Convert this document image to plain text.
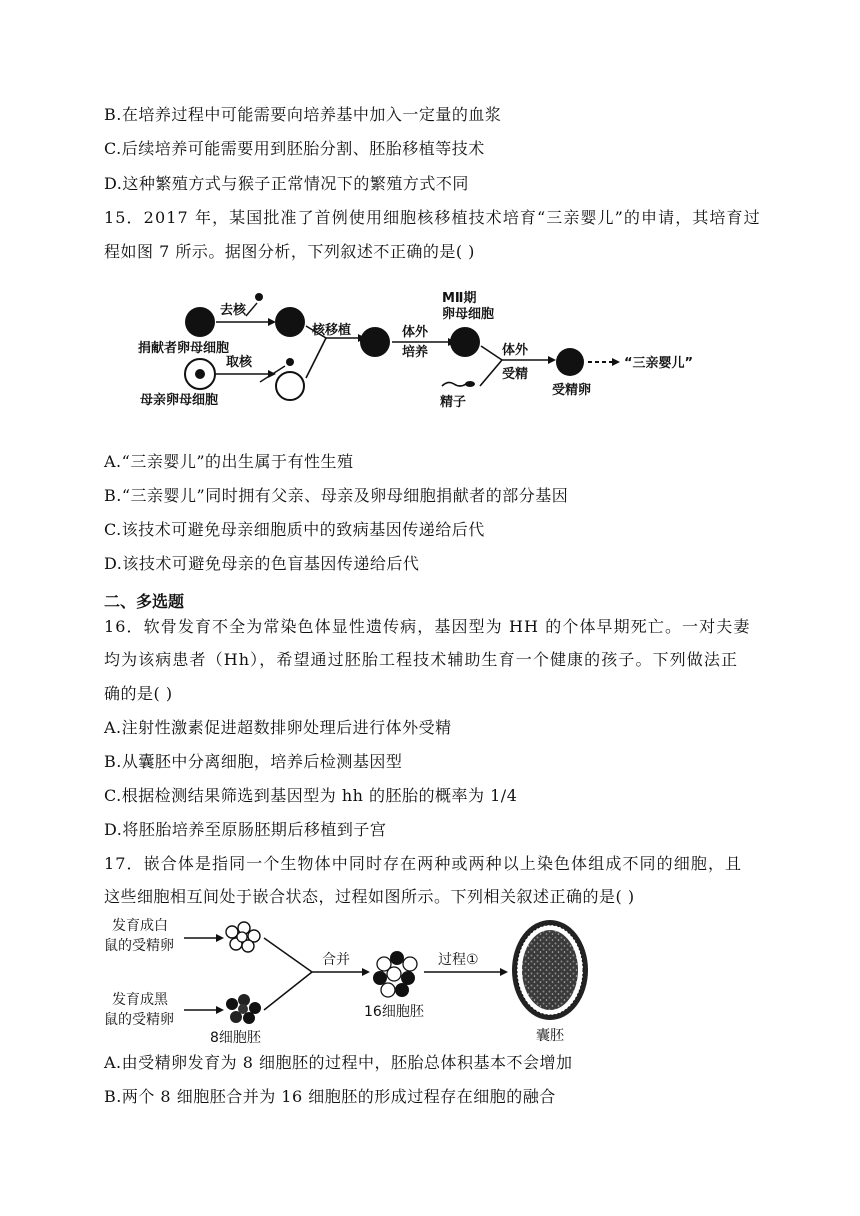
B.在培养过程中可能需要向培养基中加入一定量的血浆
C.后续培养可能需要用到胚胎分割、胚胎移植等技术
D.这种繁殖方式与猴子正常情况下的繁殖方式不同
15．2017 年，某国批准了首例使用细胞核移植技术培育“三亲婴儿”的申请，其培育过
程如图 7 所示。据图分析，下列叙述不正确的是( )
捐献者卵母细胞
去核
母亲卵母细胞
取核
核移植	体外
培养
MⅡ期
卵母细胞
体外
受精
精子
受精卵
“三亲婴儿”
A.“三亲婴儿”的出生属于有性生殖
B.“三亲婴儿”同时拥有父亲、母亲及卵母细胞捐献者的部分基因
C.该技术可避免母亲细胞质中的致病基因传递给后代
D.该技术可避免母亲的色盲基因传递给后代
二、多选题
16．软骨发育不全为常染色体显性遗传病，基因型为 HH 的个体早期死亡。一对夫妻
均为该病患者（Hh），希望通过胚胎工程技术辅助生育一个健康的孩子。下列做法正
确的是( )
A.注射性激素促进超数排卵处理后进行体外受精
B.从囊胚中分离细胞，培养后检测基因型
C.根据检测结果筛选到基因型为 hh 的胚胎的概率为 1/4
D.将胚胎培养至原肠胚期后移植到子宫
17．嵌合体是指同一个生物体中同时存在两种或两种以上染色体组成不同的细胞，且
这些细胞相互间处于嵌合状态，过程如图所示。下列相关叙述正确的是( )
发育成白
鼠的受精卵
发育成黑
鼠的受精卵
8细胞胚
合并
16细胞胚
过程①
囊胚
A.由受精卵发育为 8 细胞胚的过程中，胚胎总体积基本不会增加
B.两个 8 细胞胚合并为 16 细胞胚的形成过程存在细胞的融合
